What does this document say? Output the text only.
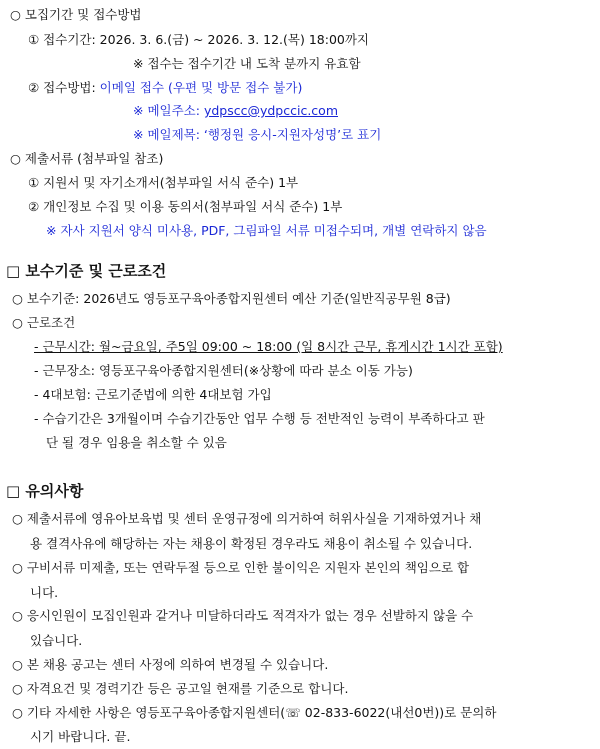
○ 모집기간 및 접수방법
① 접수기간: 2026. 3. 6.(금) ~ 2026. 3. 12.(목) 18:00까지
※ 접수는 접수기간 내 도착 분까지 유효함
② 접수방법: 이메일 접수 (우편 및 방문 접수 불가)
※ 메일주소: ydpscc@ydpccic.com
※ 메일제목: ‘행정원 응시-지원자성명’로 표기
○ 제출서류 (첨부파일 참조)
① 지원서 및 자기소개서(첨부파일 서식 준수) 1부
② 개인정보 수집 및 이용 동의서(첨부파일 서식 준수) 1부
※ 자사 지원서 양식 미사용, PDF, 그림파일 서류 미접수되며, 개별 연락하지 않음
□ 보수기준 및 근로조건
○ 보수기준: 2026년도 영등포구육아종합지원센터 예산 기준(일반직공무원 8급)
○ 근로조건
- 근무시간: 월~금요일, 주5일 09:00 ~ 18:00 (일 8시간 근무, 휴게시간 1시간 포함)
- 근무장소: 영등포구육아종합지원센터(※상황에 따라 분소 이동 가능)
- 4대보험: 근로기준법에 의한 4대보험 가입
- 수습기간은 3개월이며 수습기간동안 업무 수행 등 전반적인 능력이 부족하다고 판
단 될 경우 임용을 취소할 수 있음
□ 유의사항
○ 제출서류에 영유아보육법 및 센터 운영규정에 의거하여 허위사실을 기재하였거나 채
용 결격사유에 해당하는 자는 채용이 확정된 경우라도 채용이 취소될 수 있습니다.
○ 구비서류 미제출, 또는 연락두절 등으로 인한 불이익은 지원자 본인의 책임으로 합
니다.
○ 응시인원이 모집인원과 같거나 미달하더라도 적격자가 없는 경우 선발하지 않을 수
있습니다.
○ 본 채용 공고는 센터 사정에 의하여 변경될 수 있습니다.
○ 자격요건 및 경력기간 등은 공고일 현재를 기준으로 합니다.
○ 기타 자세한 사항은 영등포구육아종합지원센터(☏ 02-833-6022(내선0번))로 문의하
시기 바랍니다. 끝.
